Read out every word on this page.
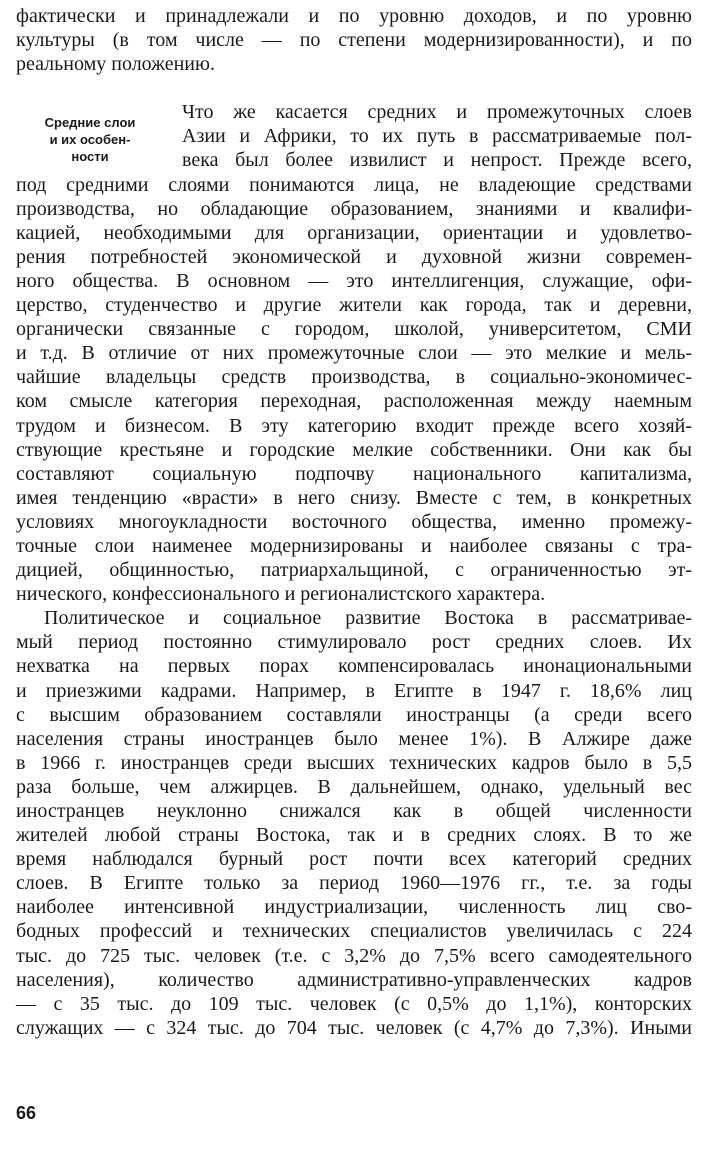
фактически и принадлежали и по уровню доходов, и по уровню
культуры (в том числе — по степени модернизированности), и по
реальному положению.
Средние слои
и их особен-
ности
Что же касается средних и промежуточных слоев
Азии и Африки, то их путь в рассматриваемые пол-
века был более извилист и непрост. Прежде всего,
под средними слоями понимаются лица, не владеющие средствами
производства, но обладающие образованием, знаниями и квалифи-
кацией, необходимыми для организации, ориентации и удовлетво-
рения потребностей экономической и духовной жизни современ-
ного общества. В основном — это интеллигенция, служащие, офи-
церство, студенчество и другие жители как города, так и деревни,
органически связанные с городом, школой, университетом, СМИ
и т.д. В отличие от них промежуточные слои — это мелкие и мель-
чайшие владельцы средств производства, в социально-экономичес-
ком смысле категория переходная, расположенная между наемным
трудом и бизнесом. В эту категорию входит прежде всего хозяй-
ствующие крестьяне и городские мелкие собственники. Они как бы
составляют социальную подпочву национального капитализма,
имея тенденцию «врасти» в него снизу. Вместе с тем, в конкретных
условиях многоукладности восточного общества, именно промежу-
точные слои наименее модернизированы и наиболее связаны с тра-
дицией, общинностью, патриархальщиной, с ограниченностью эт-
нического, конфессионального и регионалистского характера.
Политическое и социальное развитие Востока в рассматривае-
мый период постоянно стимулировало рост средних слоев. Их
нехватка на первых порах компенсировалась инонациональными
и приезжими кадрами. Например, в Египте в 1947 г. 18,6% лиц
с высшим образованием составляли иностранцы (а среди всего
населения страны иностранцев было менее 1%). В Алжире даже
в 1966 г. иностранцев среди высших технических кадров было в 5,5
раза больше, чем алжирцев. В дальнейшем, однако, удельный вес
иностранцев неуклонно снижался как в общей численности
жителей любой страны Востока, так и в средних слоях. В то же
время наблюдался бурный рост почти всех категорий средних
слоев. В Египте только за период 1960—1976 гг., т.е. за годы
наиболее интенсивной индустриализации, численность лиц сво-
бодных профессий и технических специалистов увеличилась с 224
тыс. до 725 тыс. человек (т.е. с 3,2% до 7,5% всего самодеятельного
населения), количество административно-управленческих кадров
— с 35 тыс. до 109 тыс. человек (с 0,5% до 1,1%), конторских
служащих — с 324 тыс. до 704 тыс. человек (с 4,7% до 7,3%). Иными
66
